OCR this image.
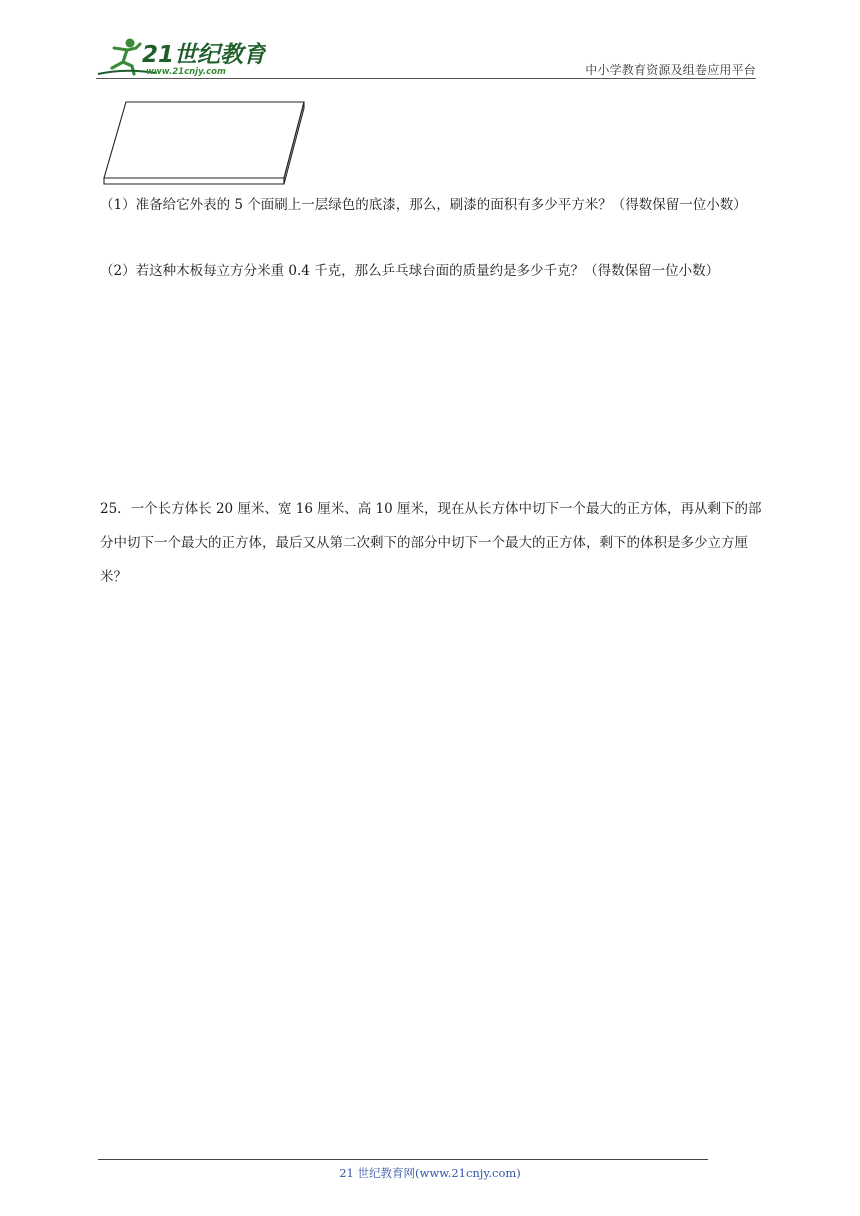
21世纪教育
www.21cnjy.com	中小学教育资源及组卷应用平台

（1）准备给它外表的 5 个面刷上一层绿色的底漆，那么，刷漆的面积有多少平方米？（得数保留一位小数）

（2）若这种木板每立方分米重 0.4 千克，那么乒乓球台面的质量约是多少千克？（得数保留一位小数）

25．一个长方体长 20 厘米、宽 16 厘米、高 10 厘米，现在从长方体中切下一个最大的正方体，再从剩下的部分中切下一个最大的正方体，最后又从第二次剩下的部分中切下一个最大的正方体，剩下的体积是多少立方厘米？

21 世纪教育网(www.21cnjy.com)
